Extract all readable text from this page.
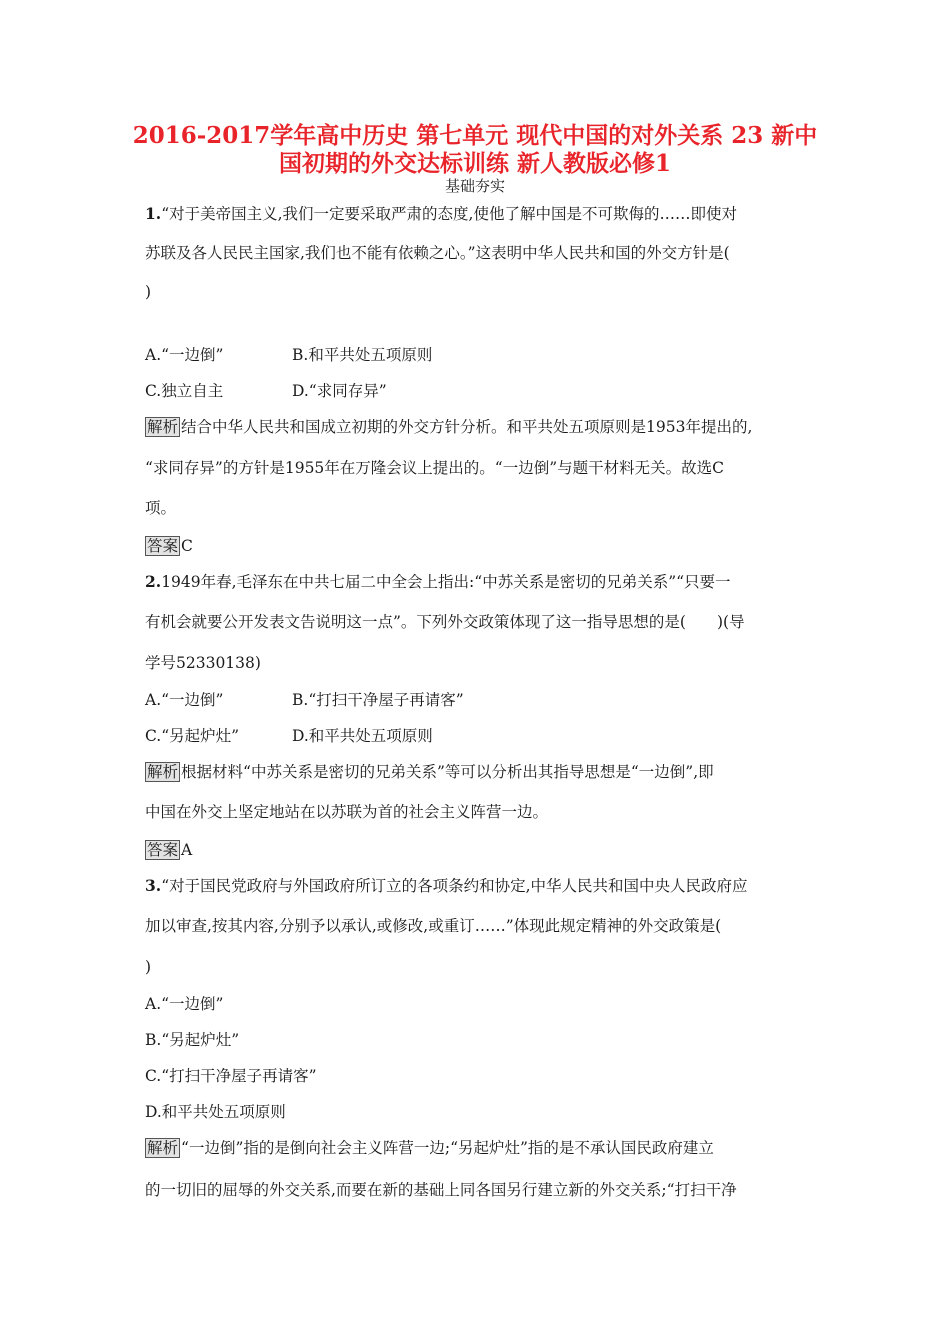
2016-2017学年高中历史 第七单元 现代中国的对外关系 23 新中
国初期的外交达标训练 新人教版必修1
基础夯实
1.“对于美帝国主义,我们一定要采取严肃的态度,使他了解中国是不可欺侮的……即使对
苏联及各人民民主国家,我们也不能有依赖之心。”这表明中华人民共和国的外交方针是(
)
A.“一边倒”	B.和平共处五项原则
C.独立自主	D.“求同存异”
解析 结合中华人民共和国成立初期的外交方针分析。和平共处五项原则是1953年提出的,
“求同存异”的方针是1955年在万隆会议上提出的。“一边倒”与题干材料无关。故选C
项。
答案 C
2.1949年春,毛泽东在中共七届二中全会上指出:“中苏关系是密切的兄弟关系”“只要一
有机会就要公开发表文告说明这一点”。下列外交政策体现了这一指导思想的是(　　)(导
学号52330138)
A.“一边倒”	B.“打扫干净屋子再请客”
C.“另起炉灶”	D.和平共处五项原则
解析 根据材料“中苏关系是密切的兄弟关系”等可以分析出其指导思想是“一边倒”,即
中国在外交上坚定地站在以苏联为首的社会主义阵营一边。
答案 A
3.“对于国民党政府与外国政府所订立的各项条约和协定,中华人民共和国中央人民政府应
加以审查,按其内容,分别予以承认,或修改,或重订……”体现此规定精神的外交政策是(
)
A.“一边倒”
B.“另起炉灶”
C.“打扫干净屋子再请客”
D.和平共处五项原则
解析 “一边倒”指的是倒向社会主义阵营一边;“另起炉灶”指的是不承认国民政府建立
的一切旧的屈辱的外交关系,而要在新的基础上同各国另行建立新的外交关系;“打扫干净
